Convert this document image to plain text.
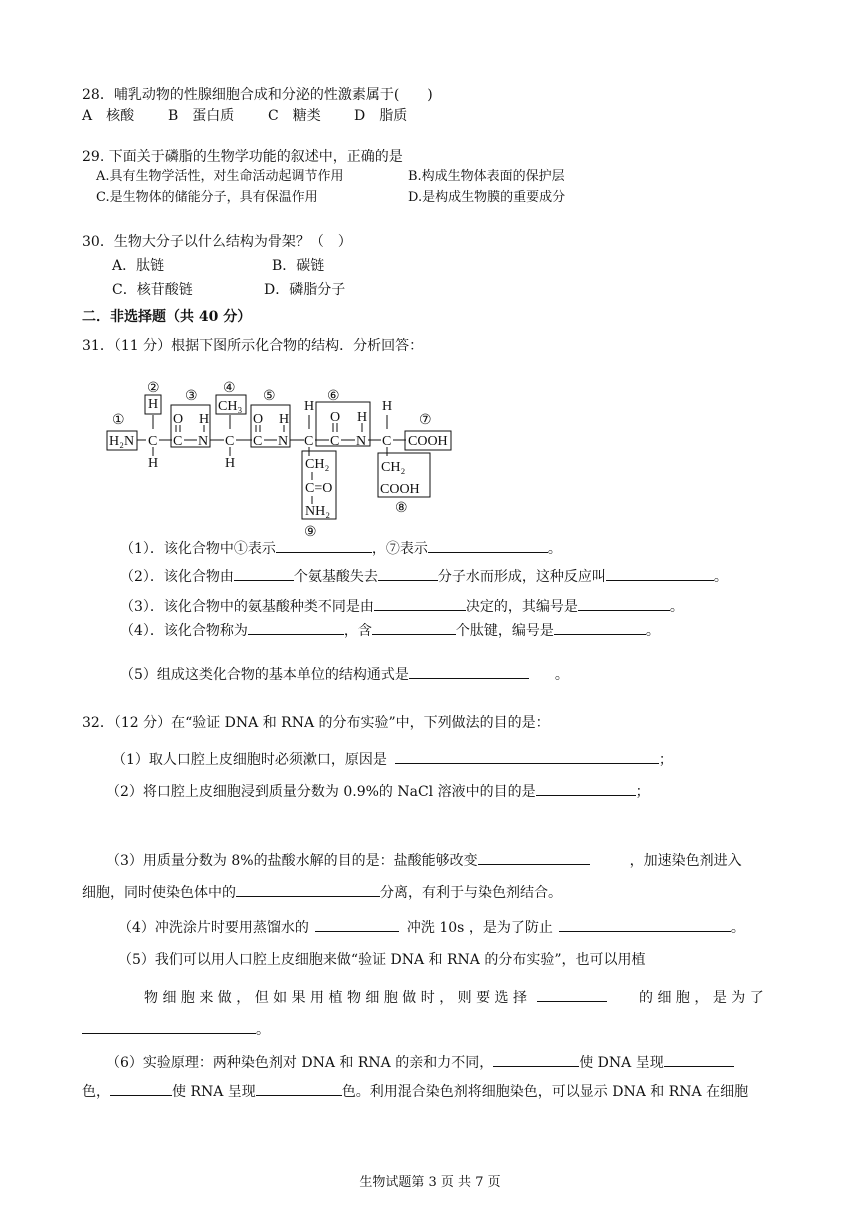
28．哺乳动物的性腺细胞合成和分泌的性激素属于(　　)
A　核酸 B　蛋白质 C　糖类 D　脂质
29. 下面关于磷脂的生物学功能的叙述中，正确的是
A.具有生物学活性，对生命活动起调节作用	B.构成生物体表面的保护层
C.是生物体的储能分子，具有保温作用	D.是构成生物膜的重要成分
30．生物大分子以什么结构为骨架？（　）
A．肽链	B．碳链
C．核苷酸链	D．磷脂分子
二．非选择题（共 40 分）
31．（11 分）根据下图所示化合物的结构．分析回答：
①
②
③
④
⑤	⑥
⑦
⑧
⑨
H₂N C
H
H
O
C
H
N
CH₃
C
H
O
C
H
N
H
C
CH₂
C=O
NH₂
O
C
H
N
H
C COOH
CH₂
COOH
（1）．该化合物中①表示	，⑦表示	。
（2）．该化合物由	个氨基酸失去	分子水而形成，这种反应叫	。
（3）．该化合物中的氨基酸种类不同是由	决定的，其编号是	。
（4）．该化合物称为	，含	个肽键，编号是	。
（5）组成这类化合物的基本单位的结构通式是	。
32．（12 分）在“验证 DNA 和 RNA 的分布实验”中，下列做法的目的是：
（1）取人口腔上皮细胞时必须漱口，原因是	；
（2）将口腔上皮细胞浸到质量分数为 0.9%的 NaCl 溶液中的目的是	；
（3）用质量分数为 8%的盐酸水解的目的是：盐酸能够改变	，加速染色剂进入
细胞，同时使染色体中的	分离，有利于与染色剂结合。
（4）冲洗涂片时要用蒸馏水的	冲洗 10s ，是为了防止	。
（5）我们可以用人口腔上皮细胞来做“验证 DNA 和 RNA 的分布实验”，也可以用植
物 细 胞 来 做 ， 但 如 果 用 植 物 细 胞 做 时 ， 则 要 选 择	的 细 胞 ， 是 为 了
。
（6）实验原理：两种染色剂对 DNA 和 RNA 的亲和力不同，	使 DNA 呈现
色，	使 RNA 呈现	色。利用混合染色剂将细胞染色，可以显示 DNA 和 RNA 在细胞
生物试题第 3 页 共 7 页
